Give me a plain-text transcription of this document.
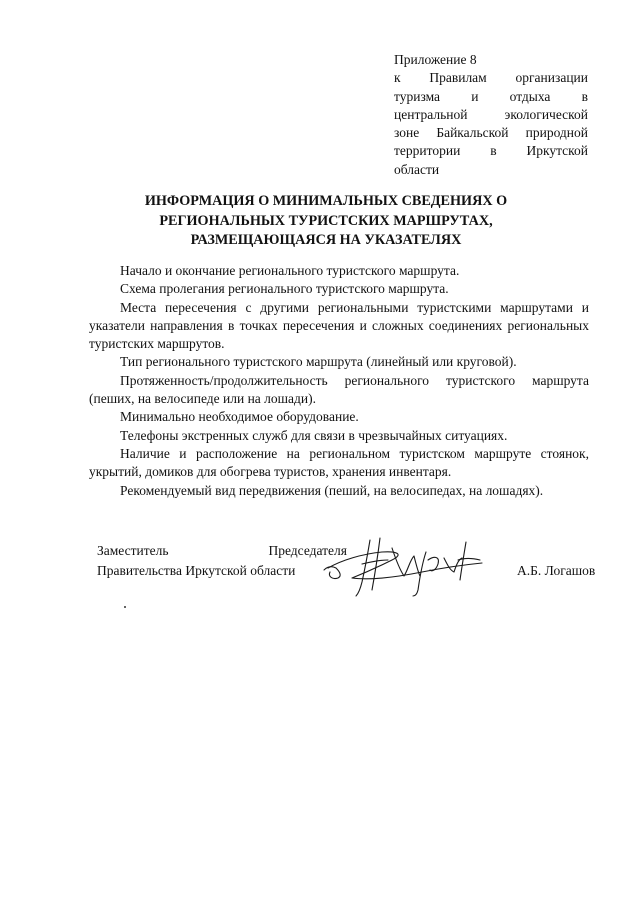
Приложение 8
к Правилам организации
туризма и отдыха в
центральной экологической
зоне Байкальской природной
территории в Иркутской
области
ИНФОРМАЦИЯ О МИНИМАЛЬНЫХ СВЕДЕНИЯХ О
РЕГИОНАЛЬНЫХ ТУРИСТСКИХ МАРШРУТАХ,
РАЗМЕЩАЮЩАЯСЯ НА УКАЗАТЕЛЯХ

Начало и окончание регионального туристского маршрута.

Схема пролегания регионального туристского маршрута.

Места пересечения с другими региональными туристскими маршрутами и указатели направления в точках пересечения и сложных соединениях региональных туристских маршрутов.

Тип регионального туристского маршрута (линейный или круговой).

Протяженность/продолжительность регионального туристского маршрута (пеших, на велосипеде или на лошади).

Минимально необходимое оборудование.

Телефоны экстренных служб для связи в чрезвычайных ситуациях.

Наличие и расположение на региональном туристском маршруте стоянок, укрытий, домиков для обогрева туристов, хранения инвентаря.

Рекомендуемый вид передвижения (пеший, на велосипедах, на лошадях).

Заместитель	Председателя
Правительства Иркутской области	А.Б. Логашов
